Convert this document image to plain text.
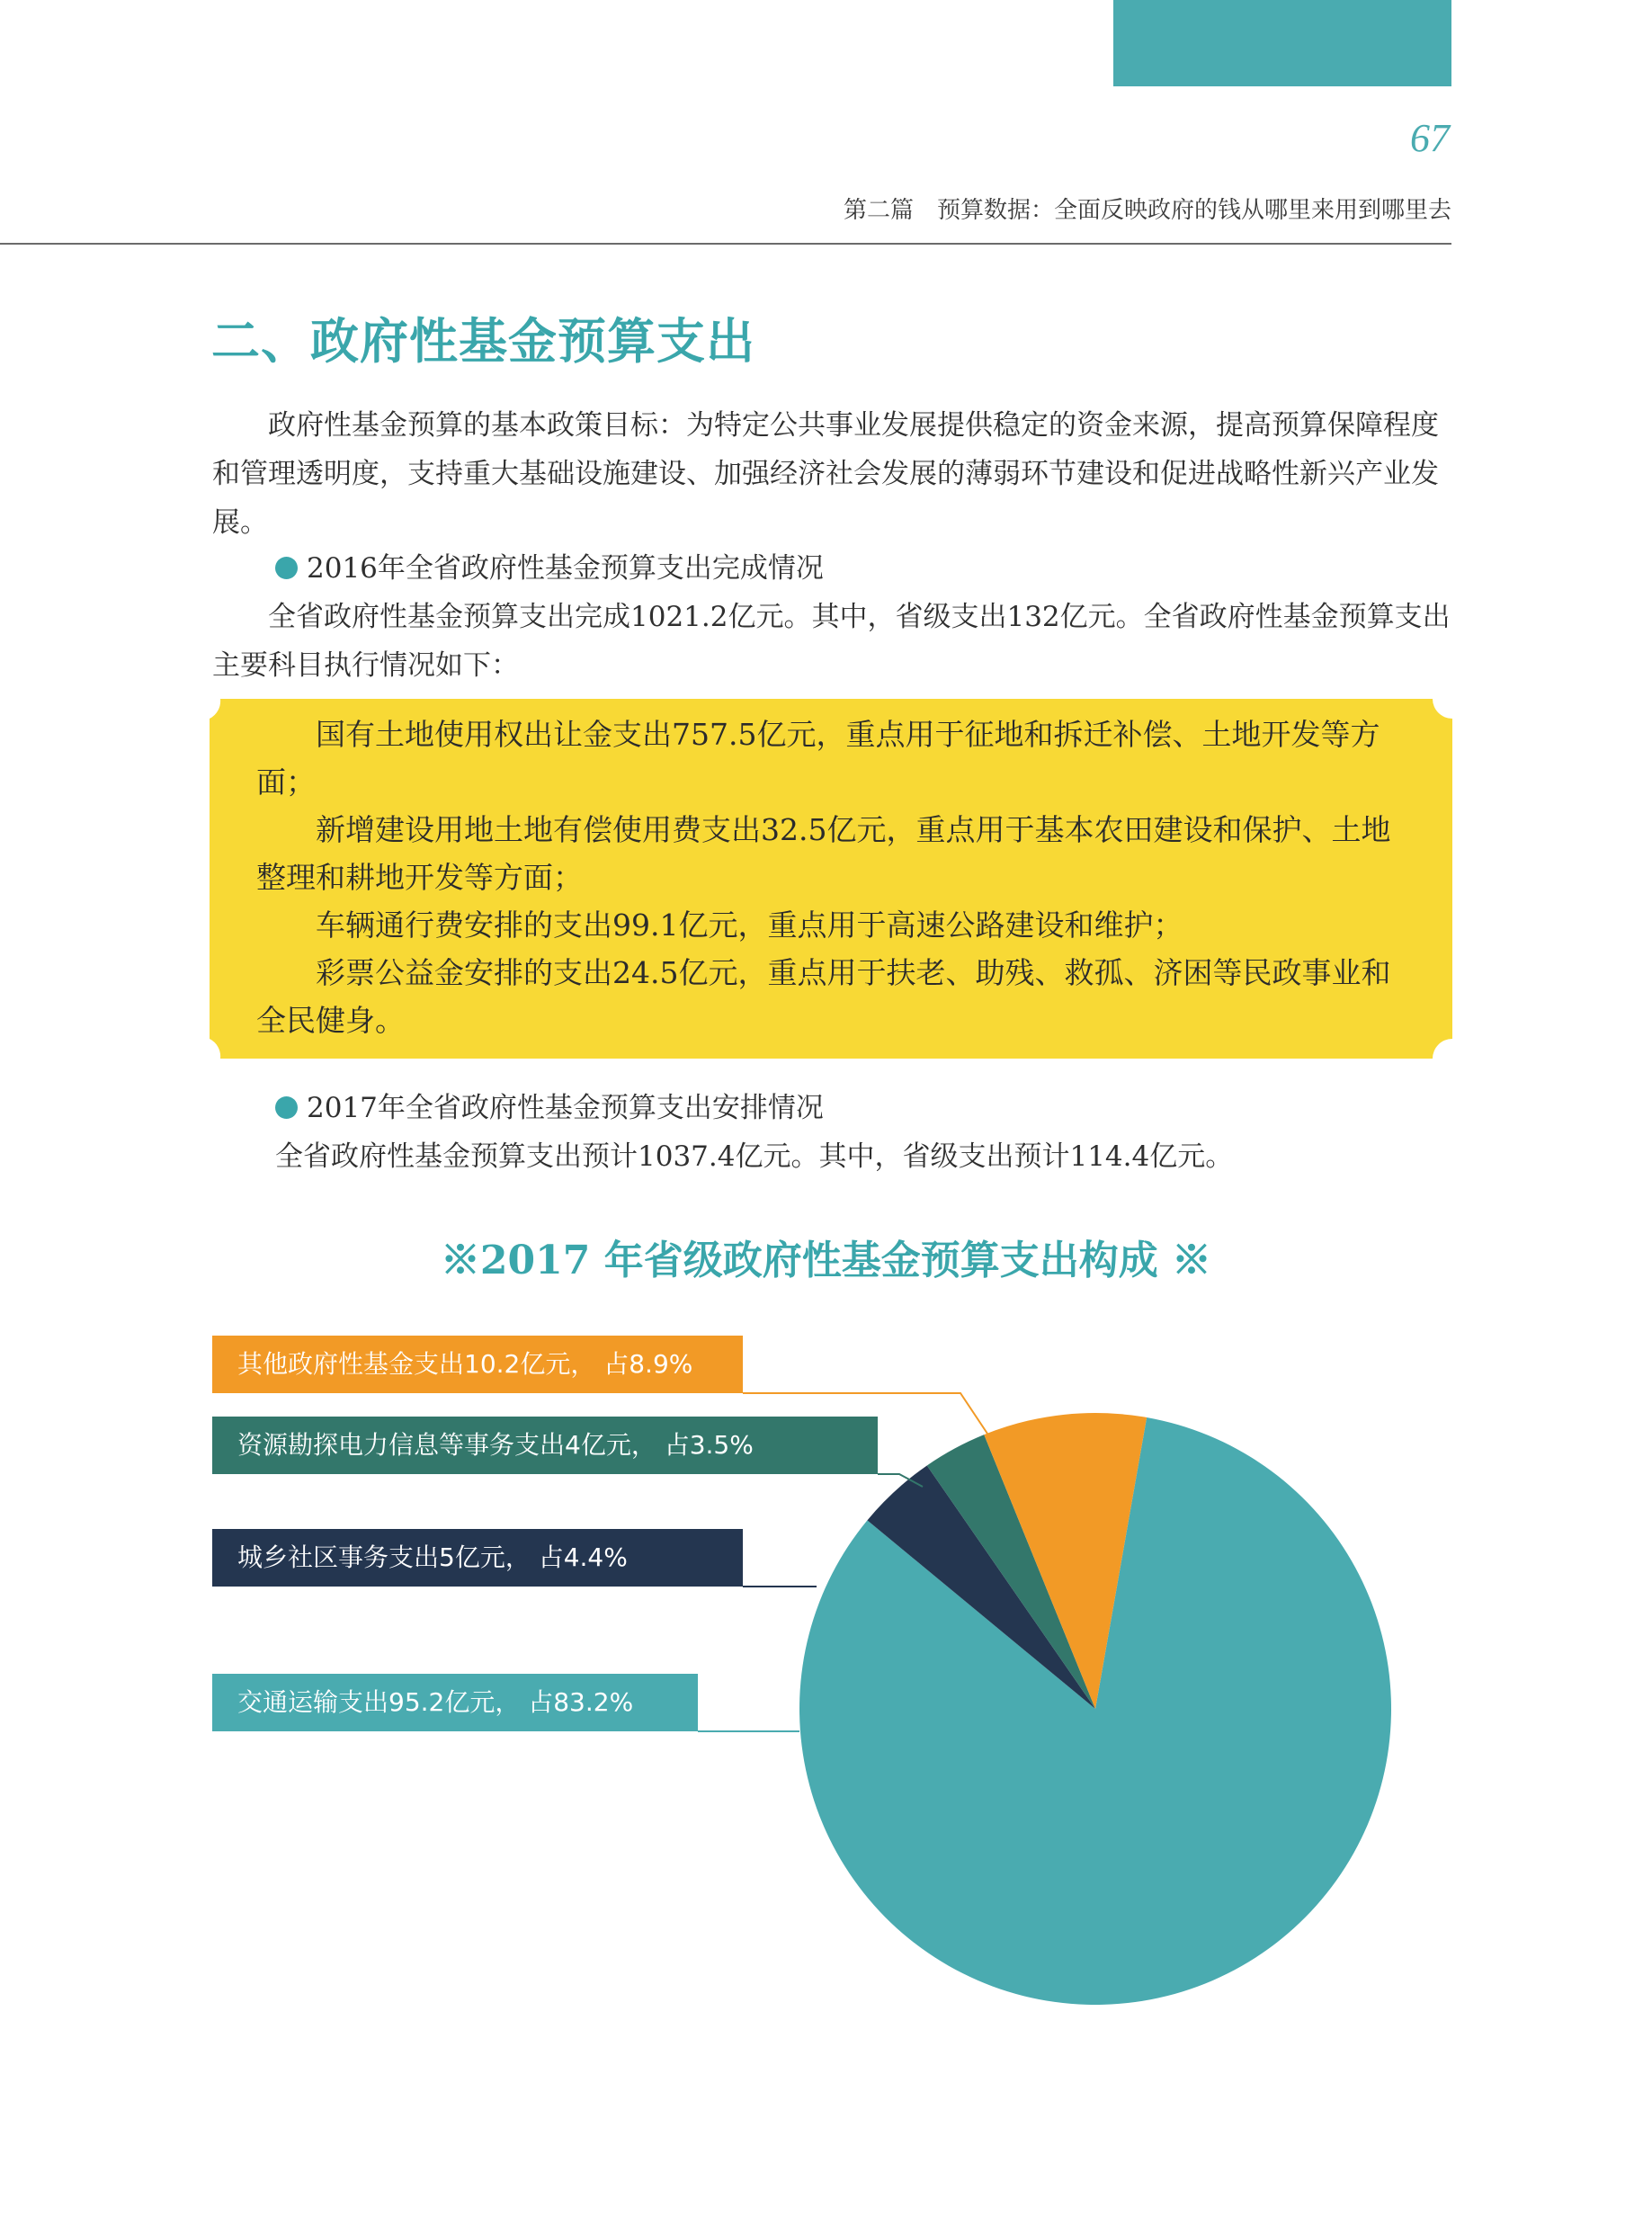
67
第二篇　预算数据：全面反映政府的钱从哪里来用到哪里去
二、政府性基金预算支出

政府性基金预算的基本政策目标：为特定公共事业发展提供稳定的资金来源，提高预算保障程度和管理透明度，支持重大基础设施建设、加强经济社会发展的薄弱环节建设和促进战略性新兴产业发展。

2016年全省政府性基金预算支出完成情况

全省政府性基金预算支出完成1021.2亿元。其中，省级支出132亿元。全省政府性基金预算支出主要科目执行情况如下：

国有土地使用权出让金支出757.5亿元，重点用于征地和拆迁补偿、土地开发等方面；

新增建设用地土地有偿使用费支出32.5亿元，重点用于基本农田建设和保护、土地整理和耕地开发等方面；

车辆通行费安排的支出99.1亿元，重点用于高速公路建设和维护；

彩票公益金安排的支出24.5亿元，重点用于扶老、助残、救孤、济困等民政事业和全民健身。

2017年全省政府性基金预算支出安排情况

全省政府性基金预算支出预计1037.4亿元。其中，省级支出预计114.4亿元。

※2017 年省级政府性基金预算支出构成 ※
交通运输支出95.2亿元， 占83.2%
城乡社区事务支出5亿元， 占4.4%
资源勘探电力信息等事务支出4亿元， 占3.5%
其他政府性基金支出10.2亿元， 占8.9%
